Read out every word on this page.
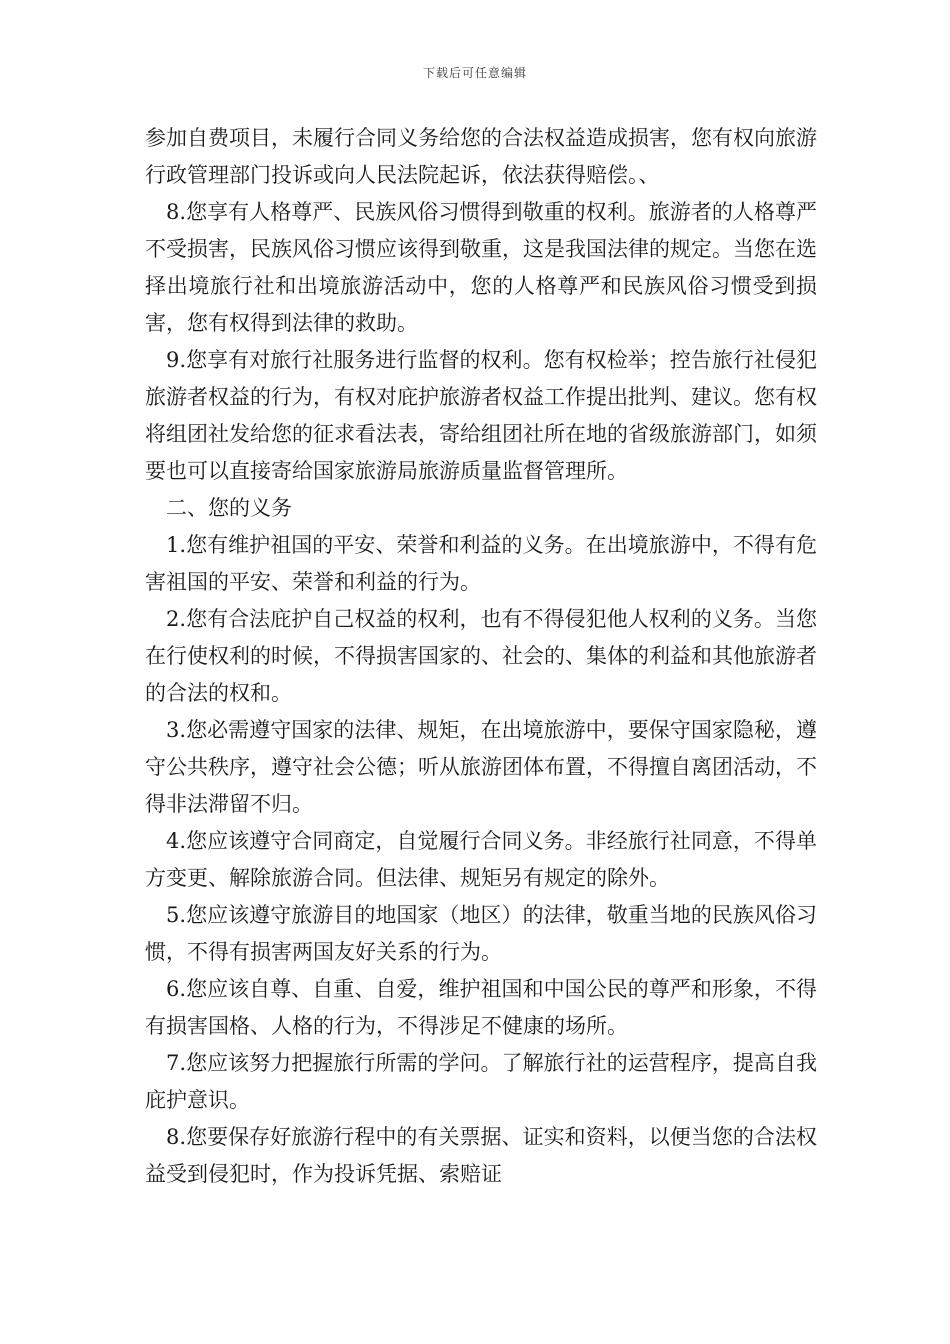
下载后可任意编辑

参加自费项目，未履行合同义务给您的合法权益造成损害，您有权向旅游行政管理部门投诉或向人民法院起诉，依法获得赔偿。、

8.您享有人格尊严、民族风俗习惯得到敬重的权利。旅游者的人格尊严不受损害，民族风俗习惯应该得到敬重，这是我国法律的规定。当您在选择出境旅行社和出境旅游活动中，您的人格尊严和民族风俗习惯受到损害，您有权得到法律的救助。

9.您享有对旅行社服务进行监督的权利。您有权检举；控告旅行社侵犯旅游者权益的行为，有权对庇护旅游者权益工作提出批判、建议。您有权将组团社发给您的征求看法表，寄给组团社所在地的省级旅游部门，如须要也可以直接寄给国家旅游局旅游质量监督管理所。

二、您的义务

1.您有维护祖国的平安、荣誉和利益的义务。在出境旅游中，不得有危害祖国的平安、荣誉和利益的行为。

2.您有合法庇护自己权益的权利，也有不得侵犯他人权利的义务。当您在行使权利的时候，不得损害国家的、社会的、集体的利益和其他旅游者的合法的权和。

3.您必需遵守国家的法律、规矩，在出境旅游中，要保守国家隐秘，遵守公共秩序，遵守社会公德；听从旅游团体布置，不得擅自离团活动，不得非法滞留不归。

4.您应该遵守合同商定，自觉履行合同义务。非经旅行社同意，不得单方变更、解除旅游合同。但法律、规矩另有规定的除外。

5.您应该遵守旅游目的地国家（地区）的法律，敬重当地的民族风俗习惯，不得有损害两国友好关系的行为。

6.您应该自尊、自重、自爱，维护祖国和中国公民的尊严和形象，不得有损害国格、人格的行为，不得涉足不健康的场所。

7.您应该努力把握旅行所需的学问。了解旅行社的运营程序，提高自我庇护意识。

8.您要保存好旅游行程中的有关票据、证实和资料，以便当您的合法权益受到侵犯时，作为投诉凭据、索赔证
